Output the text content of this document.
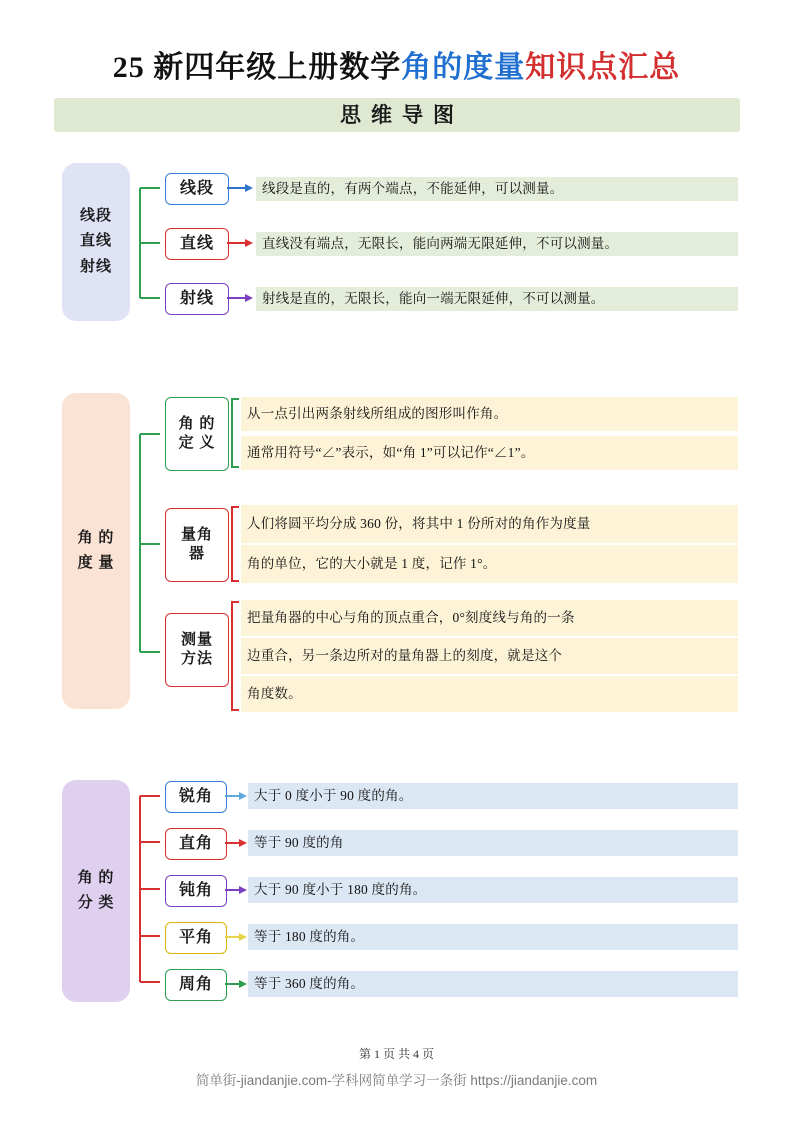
25 新四年级上册数学角的度量知识点汇总
思维导图
线段
直线
射线
线段	线段是直的，有两个端点，不能延伸，可以测量。
直线	直线没有端点，无限长，能向两端无限延伸，不可以测量。
射线	射线是直的，无限长，能向一端无限延伸，不可以测量。
角 的
度 量
角 的
定 义
从一点引出两条射线所组成的图形叫作角。
通常用符号“∠”表示，如“角 1”可以记作“∠1”。
量角
器
人们将圆平均分成 360 份，将其中 1 份所对的角作为度量
角的单位，它的大小就是 1 度，记作 1°。
测量
方法
把量角器的中心与角的顶点重合，0°刻度线与角的一条
边重合，另一条边所对的量角器上的刻度，就是这个
角度数。
角 的
分 类
锐角	大于 0 度小于 90 度的角。
直角	等于 90 度的角
钝角	大于 90 度小于 180 度的角。
平角	等于 180 度的角。
周角	等于 360 度的角。
第 1 页 共 4 页
简单街-jiandanjie.com-学科网简单学习一条街 https://jiandanjie.com
